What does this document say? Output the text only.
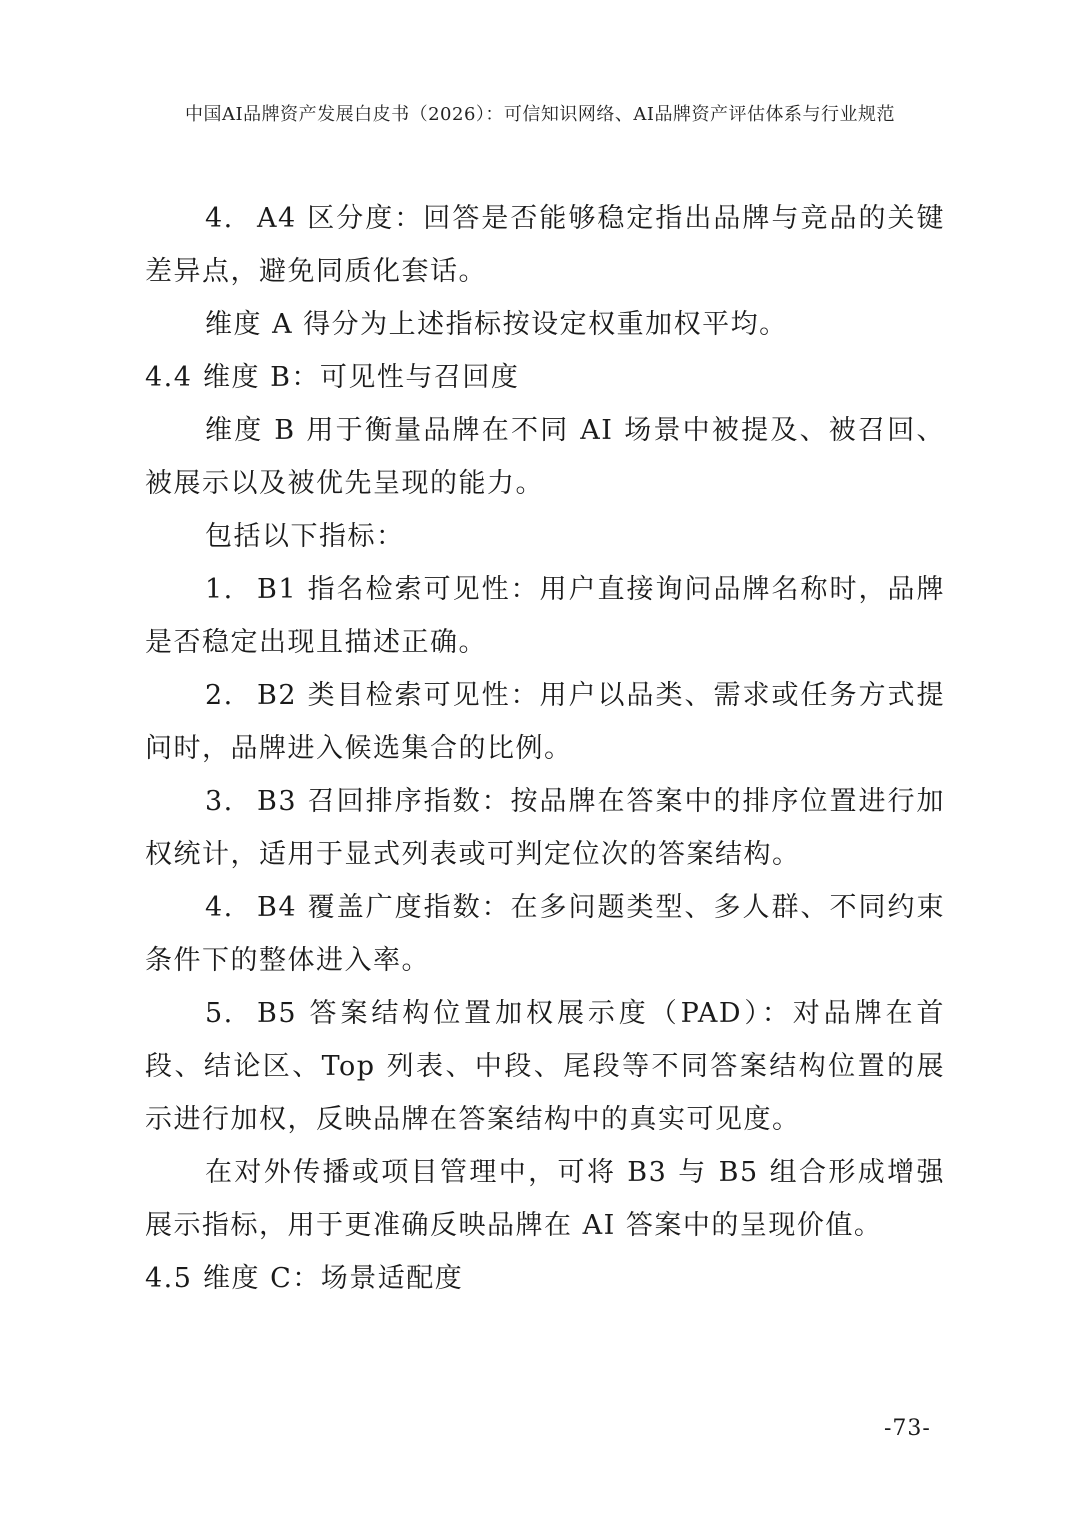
中国AI品牌资产发展白皮书（2026）：可信知识网络、AI品牌资产评估体系与行业规范

4. A4 区分度：回答是否能够稳定指出品牌与竞品的关键差异点，避免同质化套话。

维度 A 得分为上述指标按设定权重加权平均。

4.4 维度 B：可见性与召回度

维度 B 用于衡量品牌在不同 AI 场景中被提及、被召回、被展示以及被优先呈现的能力。

包括以下指标：

1. B1 指名检索可见性：用户直接询问品牌名称时，品牌是否稳定出现且描述正确。

2. B2 类目检索可见性：用户以品类、需求或任务方式提问时，品牌进入候选集合的比例。

3. B3 召回排序指数：按品牌在答案中的排序位置进行加权统计，适用于显式列表或可判定位次的答案结构。

4. B4 覆盖广度指数：在多问题类型、多人群、不同约束条件下的整体进入率。

5. B5 答案结构位置加权展示度（PAD）：对品牌在首段、结论区、Top 列表、中段、尾段等不同答案结构位置的展示进行加权，反映品牌在答案结构中的真实可见度。

在对外传播或项目管理中，可将 B3 与 B5 组合形成增强展示指标，用于更准确反映品牌在 AI 答案中的呈现价值。

4.5 维度 C：场景适配度

-73-
